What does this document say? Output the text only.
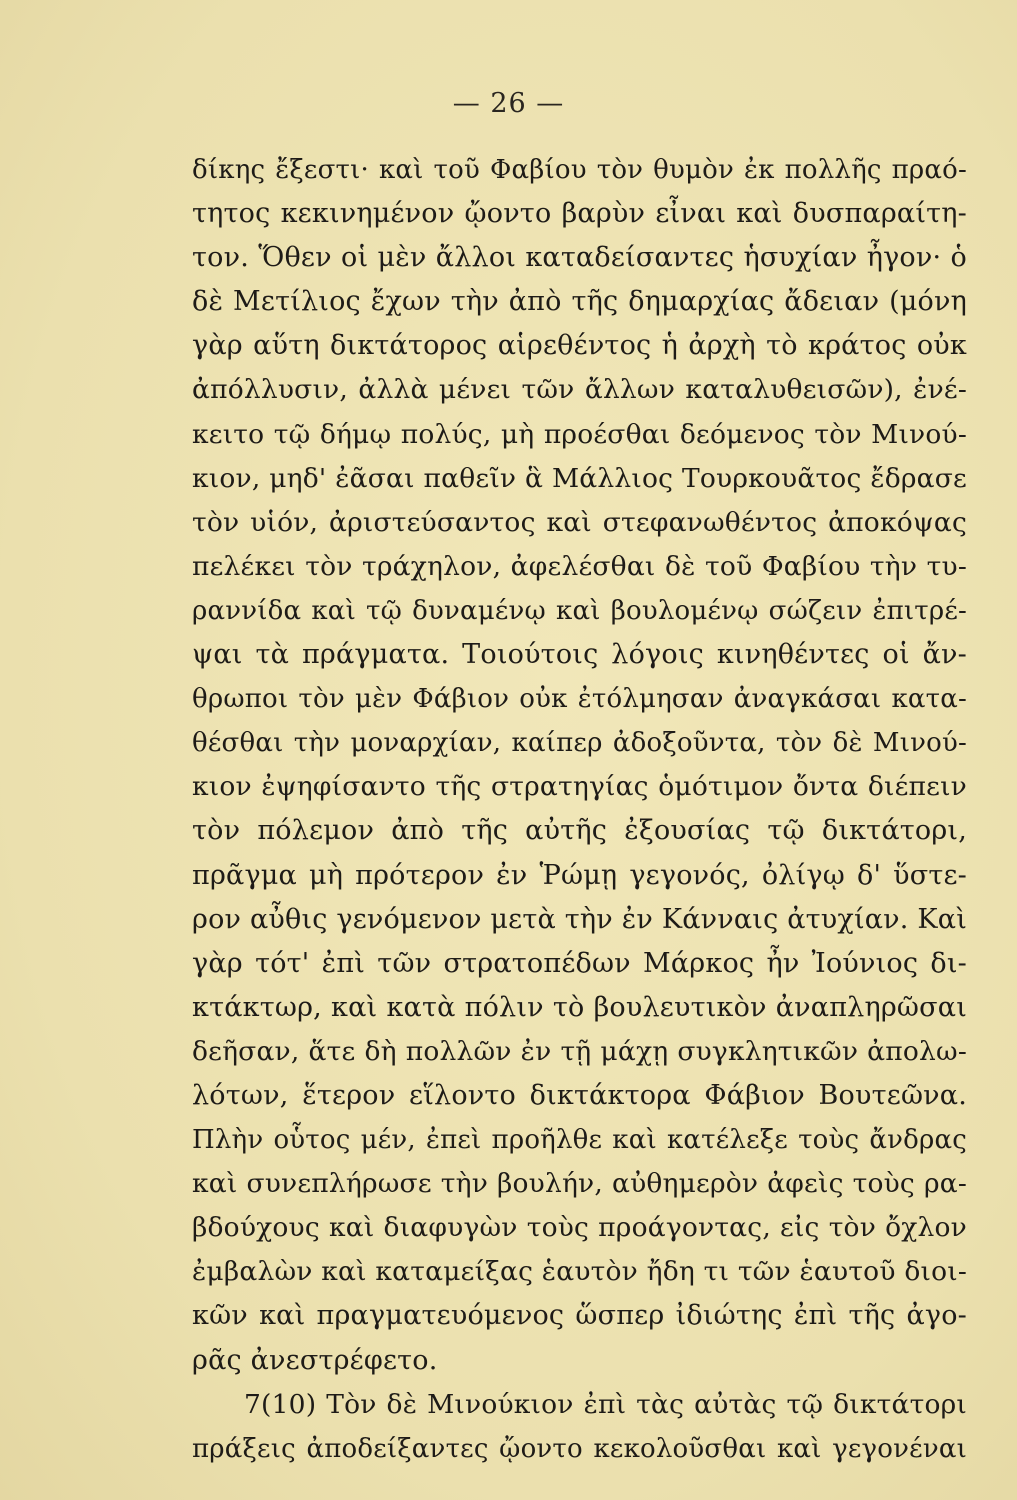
— 26 —
δίκης ἔξεστι· καὶ τοῦ Φαβίου τὸν θυμὸν ἐκ πολλῆς πραό-
τητος κεκινημένον ᾤοντο βαρὺν εἶναι καὶ δυσπαραίτη-
τον. Ὅθεν οἱ μὲν ἄλλοι καταδείσαντες ἡσυχίαν ἦγον· ὁ
δὲ Μετίλιος ἔχων τὴν ἀπὸ τῆς δημαρχίας ἄδειαν (μόνη
γὰρ αὕτη δικτάτορος αἱρεθέντος ἡ ἀρχὴ τὸ κράτος οὐκ
ἀπόλλυσιν, ἀλλὰ μένει τῶν ἄλλων καταλυθεισῶν), ἐνέ-
κειτο τῷ δήμῳ πολύς, μὴ προέσθαι δεόμενος τὸν Μινού-
κιον, μηδ' ἐᾶσαι παθεῖν ἃ Μάλλιος Τουρκουᾶτος ἔδρασε
τὸν υἱόν, ἀριστεύσαντος καὶ στεφανωθέντος ἀποκόψας
πελέκει τὸν τράχηλον, ἀφελέσθαι δὲ τοῦ Φαβίου τὴν τυ-
ραννίδα καὶ τῷ δυναμένῳ καὶ βουλομένῳ σώζειν ἐπιτρέ-
ψαι τὰ πράγματα. Τοιούτοις λόγοις κινηθέντες οἱ ἄν-
θρωποι τὸν μὲν Φάβιον οὐκ ἐτόλμησαν ἀναγκάσαι κατα-
θέσθαι τὴν μοναρχίαν, καίπερ ἀδοξοῦντα, τὸν δὲ Μινού-
κιον ἐψηφίσαντο τῆς στρατηγίας ὁμότιμον ὄντα διέπειν
τὸν πόλεμον ἀπὸ τῆς αὐτῆς ἐξουσίας τῷ δικτάτορι,
πρᾶγμα μὴ πρότερον ἐν Ῥώμῃ γεγονός, ὀλίγῳ δ' ὕστε-
ρον αὖθις γενόμενον μετὰ τὴν ἐν Κάνναις ἀτυχίαν. Καὶ
γὰρ τότ' ἐπὶ τῶν στρατοπέδων Μάρκος ἦν Ἰούνιος δι-
κτάκτωρ, καὶ κατὰ πόλιν τὸ βουλευτικὸν ἀναπληρῶσαι
δεῆσαν, ἅτε δὴ πολλῶν ἐν τῇ μάχῃ συγκλητικῶν ἀπολω-
λότων, ἕτερον εἵλοντο δικτάκτορα Φάβιον Βουτεῶνα.
Πλὴν οὗτος μέν, ἐπεὶ προῆλθε καὶ κατέλεξε τοὺς ἄνδρας
καὶ συνεπλήρωσε τὴν βουλήν, αὐθημερὸν ἀφεὶς τοὺς ρα-
βδούχους καὶ διαφυγὼν τοὺς προάγοντας, εἰς τὸν ὄχλον
ἐμβαλὼν καὶ καταμείξας ἑαυτὸν ἤδη τι τῶν ἑαυτοῦ διοι-
κῶν καὶ πραγματευόμενος ὥσπερ ἰδιώτης ἐπὶ τῆς ἀγο-
ρᾶς ἀνεστρέφετο.
7(10) Τὸν δὲ Μινούκιον ἐπὶ τὰς αὐτὰς τῷ δικτάτορι
πράξεις ἀποδείξαντες ᾤοντο κεκολοῦσθαι καὶ γεγονέναι
